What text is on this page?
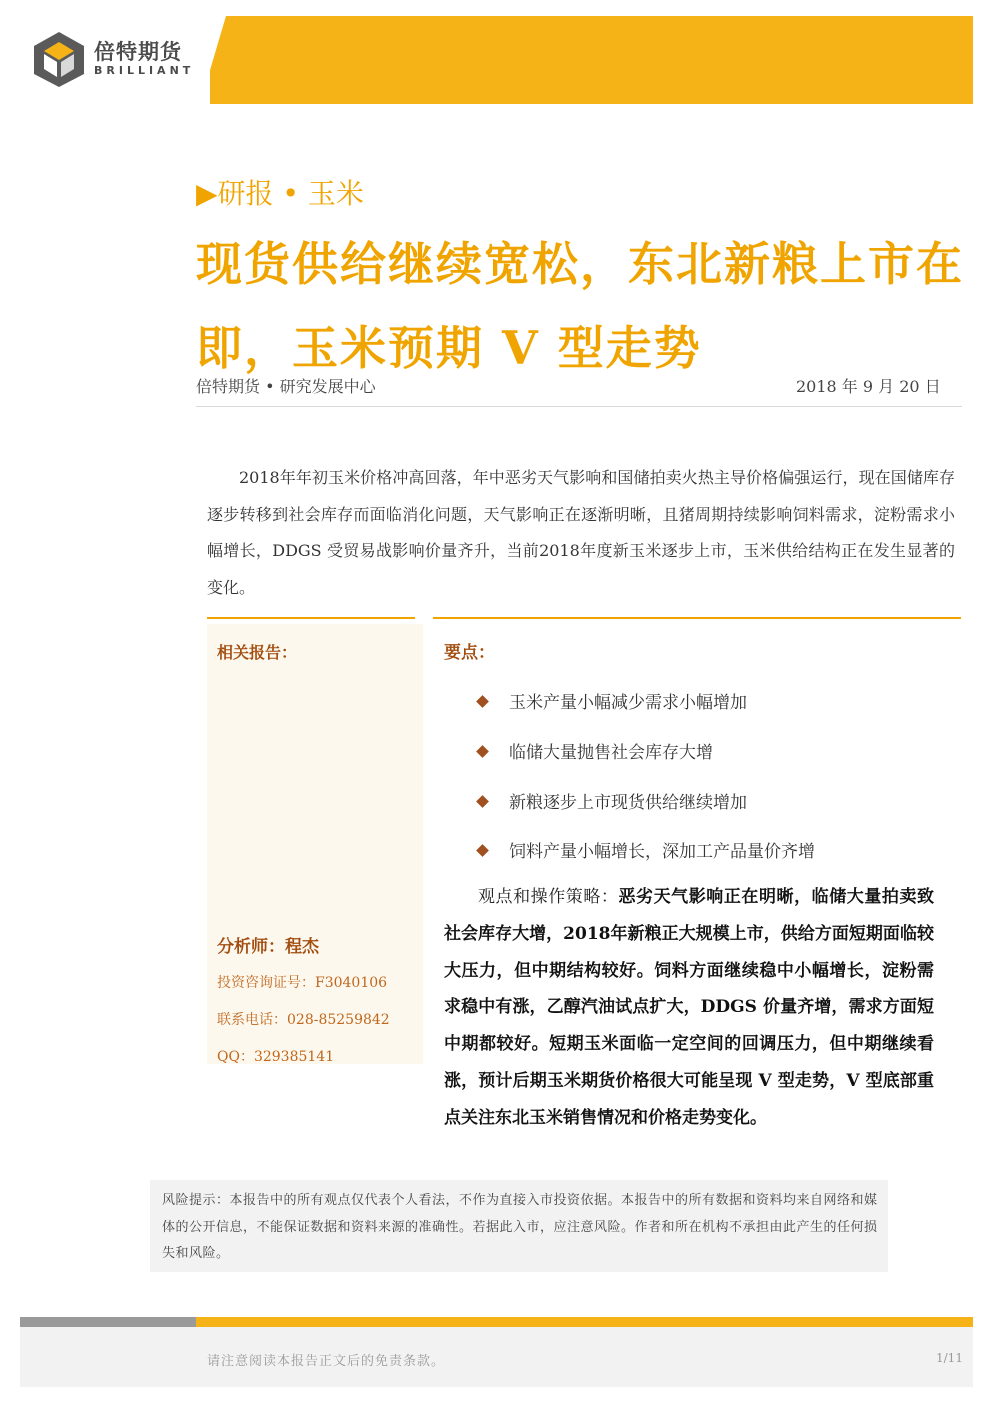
倍特期货
BRILLIANT
▶研报 • 玉米
现货供给继续宽松，东北新粮上市在
即，玉米预期 V 型走势
倍特期货 • 研究发展中心	2018 年 9 月 20 日
2018年年初玉米价格冲高回落，年中恶劣天气影响和国储拍卖火热主导价格偏强运行，现在国储库存逐步转移到社会库存而面临消化问题，天气影响正在逐渐明晰，且猪周期持续影响饲料需求，淀粉需求小幅增长，DDGS 受贸易战影响价量齐升，当前2018年度新玉米逐步上市，玉米供给结构正在发生显著的变化。
相关报告：
分析师：程杰
投资咨询证号：F3040106
联系电话：028-85259842
QQ：329385141
要点：
玉米产量小幅减少需求小幅增加
临储大量抛售社会库存大增
新粮逐步上市现货供给继续增加
饲料产量小幅增长，深加工产品量价齐增
观点和操作策略：恶劣天气影响正在明晰，临储大量拍卖致社会库存大增，2018年新粮正大规模上市，供给方面短期面临较大压力，但中期结构较好。饲料方面继续稳中小幅增长，淀粉需求稳中有涨，乙醇汽油试点扩大，DDGS 价量齐增，需求方面短中期都较好。短期玉米面临一定空间的回调压力，但中期继续看涨，预计后期玉米期货价格很大可能呈现 V 型走势，V 型底部重点关注东北玉米销售情况和价格走势变化。
风险提示：本报告中的所有观点仅代表个人看法，不作为直接入市投资依据。本报告中的所有数据和资料均来自网络和媒体的公开信息，不能保证数据和资料来源的准确性。若据此入市，应注意风险。作者和所在机构不承担由此产生的任何损失和风险。
请注意阅读本报告正文后的免责条款。	1/11
